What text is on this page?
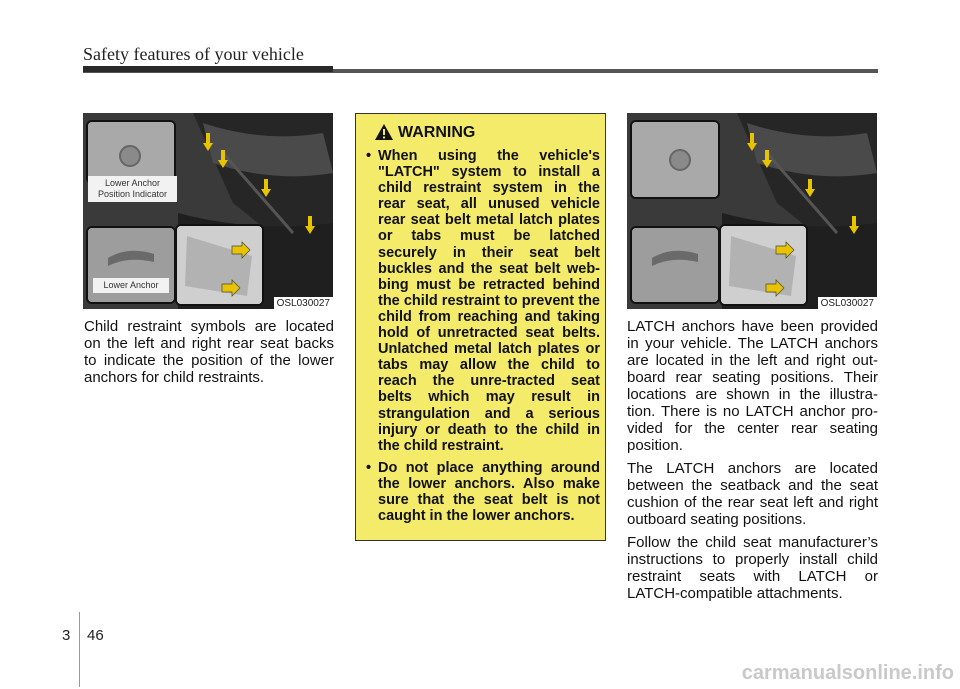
Safety features of your vehicle
Lower Anchor
Position Indicator
Lower Anchor
OSL030027
Child restraint symbols are located on the left and right rear seat backs to indicate the position of the lower anchors for child restraints.
WARNING
• When using the vehicle's "LATCH" system to install a child restraint system in the rear seat, all unused vehicle rear seat belt metal latch plates or tabs must be latched securely in their seat belt buckles and the seat belt web-bing must be retracted behind the child restraint to prevent the child from reaching and taking hold of unretracted seat belts. Unlatched metal latch plates or tabs may allow the child to reach the unre-tracted seat belts which may result in strangulation and a serious injury or death to the child in the child restraint.
• Do not place anything around the lower anchors. Also make sure that the seat belt is not caught in the lower anchors.
OSL030027

LATCH anchors have been provided in your vehicle. The LATCH anchors are located in the left and right out-board rear seating positions. Their locations are shown in the illustra-tion. There is no LATCH anchor pro-vided for the center rear seating position.

The LATCH anchors are located between the seatback and the seat cushion of the rear seat left and right outboard seating positions.

Follow the child seat manufacturer’s instructions to properly install child restraint seats with LATCH or LATCH-compatible attachments.

3 46
carmanualsonline.info
